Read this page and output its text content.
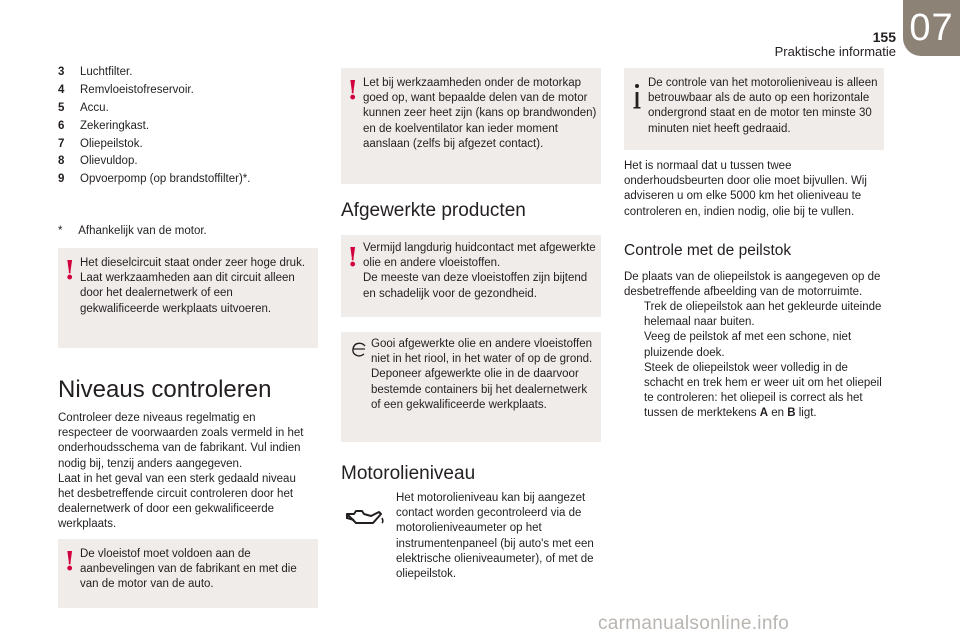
155
Praktische informatie
07
3 Luchtfilter.
4 Remvloeistofreservoir.
5 Accu.
6 Zekeringkast.
7 Oliepeilstok.
8 Olievuldop.
9 Opvoerpomp (op brandstoffilter)*.
* Afhankelijk van de motor.
! Het dieselcircuit staat onder zeer hoge druk.
Laat werkzaamheden aan dit circuit alleen door het dealernetwerk of een gekwalificeerde werkplaats uitvoeren.
Niveaus controleren
Controleer deze niveaus regelmatig en respecteer de voorwaarden zoals vermeld in het onderhoudsschema van de fabrikant. Vul indien nodig bij, tenzij anders aangegeven.
Laat in het geval van een sterk gedaald niveau het desbetreffende circuit controleren door het dealernetwerk of door een gekwalificeerde werkplaats.
! De vloeistof moet voldoen aan de aanbevelingen van de fabrikant en met die van de motor van de auto.
! Let bij werkzaamheden onder de motorkap goed op, want bepaalde delen van de motor kunnen zeer heet zijn (kans op brandwonden) en de koelventilator kan ieder moment aanslaan (zelfs bij afgezet contact).
Afgewerkte producten
! Vermijd langdurig huidcontact met afgewerkte olie en andere vloeistoffen.
De meeste van deze vloeistoffen zijn bijtend en schadelijk voor de gezondheid.
Gooi afgewerkte olie en andere vloeistoffen niet in het riool, in het water of op de grond.
Deponeer afgewerkte olie in de daarvoor bestemde containers bij het dealernetwerk of een gekwalificeerde werkplaats.
Motorolieniveau
Het motorolieniveau kan bij aangezet contact worden gecontroleerd via de motorolieniveaumeter op het instrumentenpaneel (bij auto's met een elektrische olieniveaumeter), of met de oliepeilstok.
De controle van het motorolieniveau is alleen betrouwbaar als de auto op een horizontale ondergrond staat en de motor ten minste 30 minuten niet heeft gedraaid.
Het is normaal dat u tussen twee onderhoudsbeurten door olie moet bijvullen. Wij adviseren u om elke 5000 km het olieniveau te controleren en, indien nodig, olie bij te vullen.
Controle met de peilstok
De plaats van de oliepeilstok is aangegeven op de desbetreffende afbeelding van de motorruimte.
Trek de oliepeilstok aan het gekleurde uiteinde helemaal naar buiten.
Veeg de peilstok af met een schone, niet pluizende doek.
Steek de oliepeilstok weer volledig in de schacht en trek hem er weer uit om het oliepeil te controleren: het oliepeil is correct als het tussen de merktekens A en B ligt.
carmanualsonline.info
